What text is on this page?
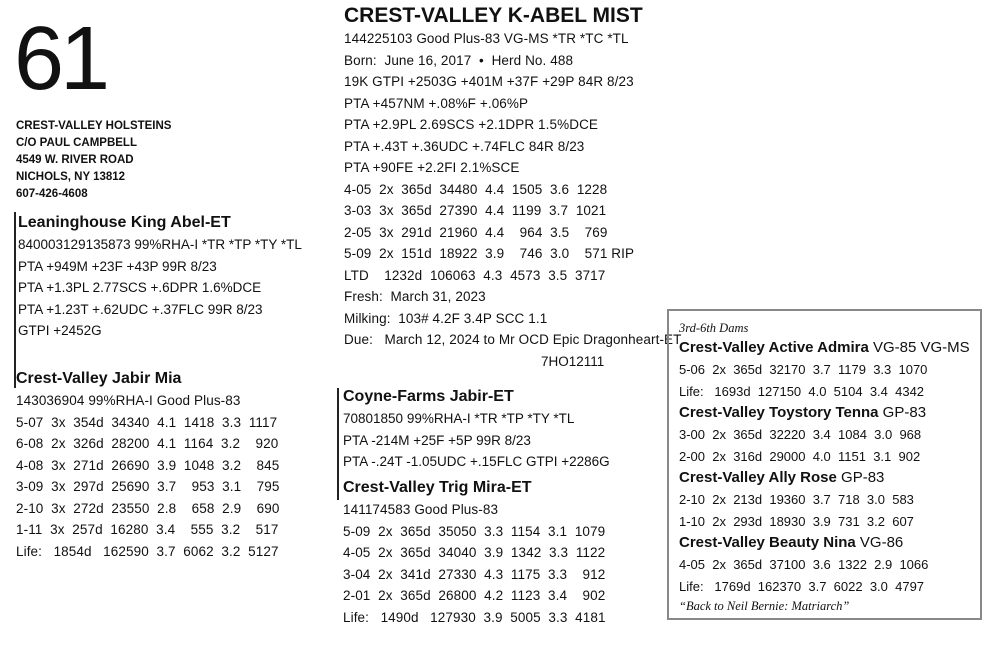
61
CREST-VALLEY HOLSTEINS
C/O PAUL CAMPBELL
4549 W. RIVER ROAD
NICHOLS, NY 13812
607-426-4608
CREST-VALLEY K-ABEL MIST
144225103 Good Plus-83 VG-MS *TR *TC *TL
Born:  June 16, 2017  •  Herd No. 488
19K GTPI +2503G +401M +37F +29P 84R 8/23
PTA +457NM +.08%F +.06%P
PTA +2.9PL 2.69SCS +2.1DPR 1.5%DCE
PTA +.43T +.36UDC +.74FLC 84R 8/23
PTA +90FE +2.2FI 2.1%SCE
4-05  2x  365d  34480  4.4  1505  3.6  1228
3-03  3x  365d  27390  4.4  1199  3.7  1021
2-05  3x  291d  21960  4.4    964  3.5    769
5-09  2x  151d  18922  3.9    746  3.0    571 RIP
LTD    1232d  106063  4.3  4573  3.5  3717
Fresh:  March 31, 2023
Milking:  103# 4.2F 3.4P SCC 1.1
Due:   March 12, 2024 to Mr OCD Epic Dragonheart-ET
7HO12111
Leaninghouse King Abel-ET
840003129135873 99%RHA-I *TR *TP *TY *TL
PTA +949M +23F +43P 99R 8/23
PTA +1.3PL 2.77SCS +.6DPR 1.6%DCE
PTA +1.23T +.62UDC +.37FLC 99R 8/23
GTPI +2452G
Crest-Valley Jabir Mia
143036904 99%RHA-I Good Plus-83
5-07  3x  354d  34340  4.1  1418  3.3  1117
6-08  2x  326d  28200  4.1  1164  3.2    920
4-08  3x  271d  26690  3.9  1048  3.2    845
3-09  3x  297d  25690  3.7    953  3.1    795
2-10  3x  272d  23550  2.8    658  2.9    690
1-11  3x  257d  16280  3.4    555  3.2    517
Life:   1854d   162590  3.7  6062  3.2  5127
Coyne-Farms Jabir-ET
70801850 99%RHA-I *TR *TP *TY *TL
PTA -214M +25F +5P 99R 8/23
PTA -.24T -1.05UDC +.15FLC GTPI +2286G
Crest-Valley Trig Mira-ET
141174583 Good Plus-83
5-09  2x  365d  35050  3.3  1154  3.1  1079
4-05  2x  365d  34040  3.9  1342  3.3  1122
3-04  2x  341d  27330  4.3  1175  3.3    912
2-01  2x  365d  26800  4.2  1123  3.4    902
Life:   1490d   127930  3.9  5005  3.3  4181
3rd-6th Dams
Crest-Valley Active Admira VG-85 VG-MS
5-06  2x  365d  32170  3.7  1179  3.3  1070
Life:   1693d  127150  4.0  5104  3.4  4342
Crest-Valley Toystory Tenna GP-83
3-00  2x  365d  32220  3.4  1084  3.0  968
2-00  2x  316d  29000  4.0  1151  3.1  902
Crest-Valley Ally Rose GP-83
2-10  2x  213d  19360  3.7  718  3.0  583
1-10  2x  293d  18930  3.9  731  3.2  607
Crest-Valley Beauty Nina VG-86
4-05  2x  365d  37100  3.6  1322  2.9  1066
Life:   1769d  162370  3.7  6022  3.0  4797
“Back to Neil Bernie: Matriarch”
